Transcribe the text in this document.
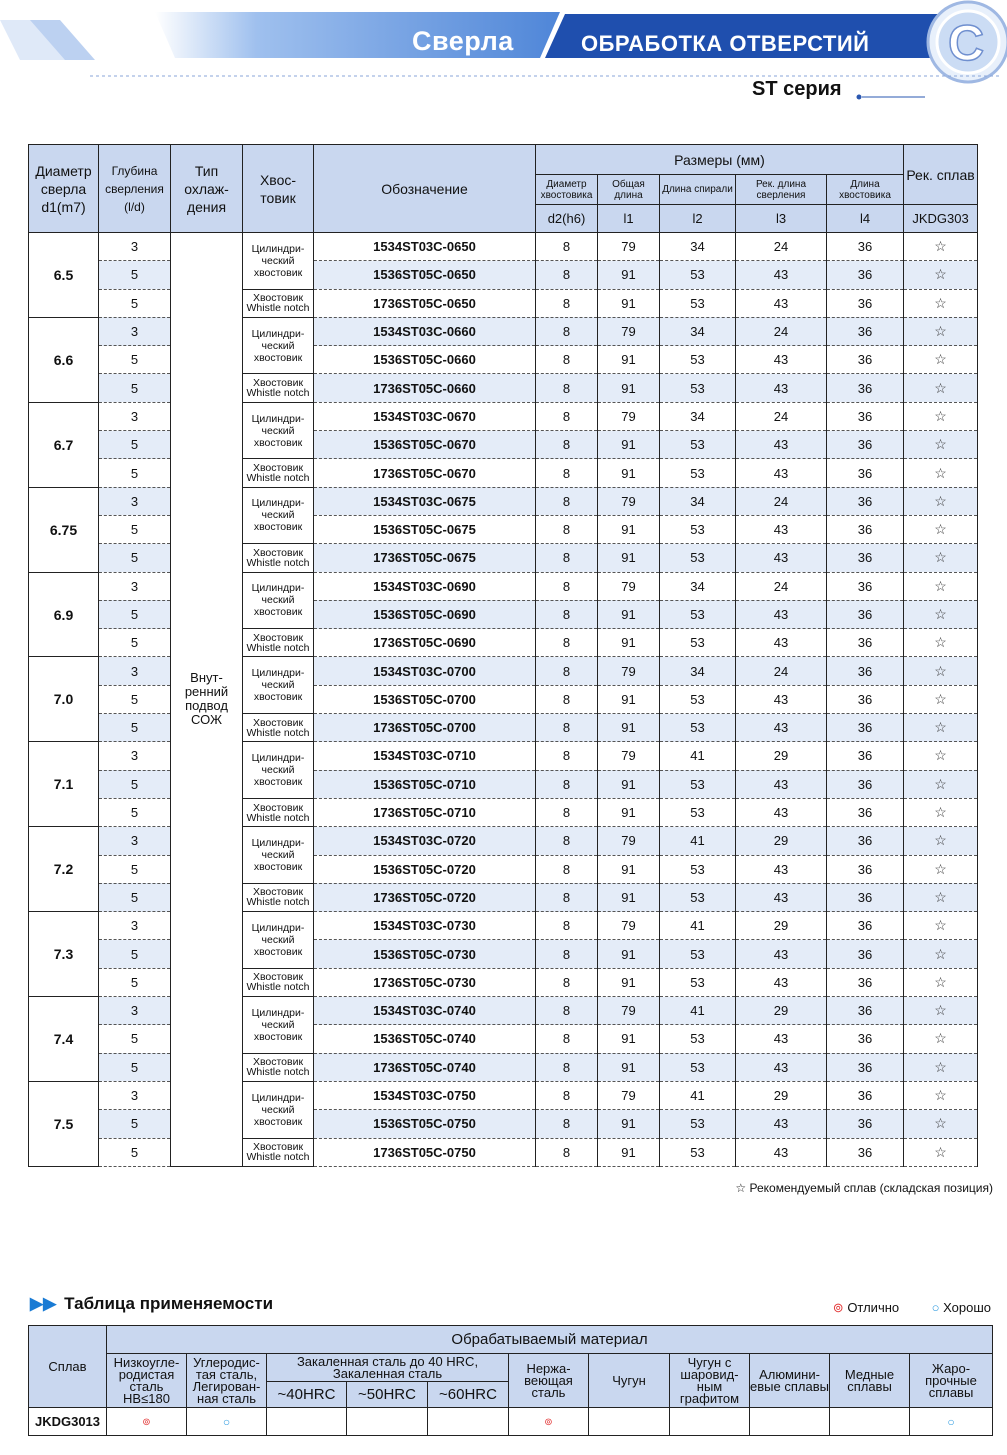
C
Сверла	ОБРАБОТКА ОТВЕРСТИЙ
ST серия
Диаметр сверла d1(m7)	Глубина сверления (l/d)	Тип охлаж-дения	Хвос-товик	Обозначение	Размеры (мм)					Рек. сплав
					Диаметр хвостовика	Общая длина	Длина спирали	Рек. длина сверления	Длина хвостовика	
					d2(h6)	l1	l2	l3	l4	JKDG303
6.5	3	Внут-ренний подвод СОЖ	Цилиндри-ческий хвостовик	1534ST03C-0650	8	79	34	24	36	☆
	5			1536ST05C-0650	8	91	53	43	36	☆
	5		Хвостовик Whistle notch	1736ST05C-0650	8	91	53	43	36	☆
6.6	3		Цилиндри-ческий хвостовик	1534ST03C-0660	8	79	34	24	36	☆
	5			1536ST05C-0660	8	91	53	43	36	☆
	5		Хвостовик Whistle notch	1736ST05C-0660	8	91	53	43	36	☆
6.7	3		Цилиндри-ческий хвостовик	1534ST03C-0670	8	79	34	24	36	☆
	5			1536ST05C-0670	8	91	53	43	36	☆
	5		Хвостовик Whistle notch	1736ST05C-0670	8	91	53	43	36	☆
6.75	3		Цилиндри-ческий хвостовик	1534ST03C-0675	8	79	34	24	36	☆
	5			1536ST05C-0675	8	91	53	43	36	☆
	5		Хвостовик Whistle notch	1736ST05C-0675	8	91	53	43	36	☆
6.9	3		Цилиндри-ческий хвостовик	1534ST03C-0690	8	79	34	24	36	☆
	5			1536ST05C-0690	8	91	53	43	36	☆
	5		Хвостовик Whistle notch	1736ST05C-0690	8	91	53	43	36	☆
7.0	3		Цилиндри-ческий хвостовик	1534ST03C-0700	8	79	34	24	36	☆
	5			1536ST05C-0700	8	91	53	43	36	☆
	5		Хвостовик Whistle notch	1736ST05C-0700	8	91	53	43	36	☆
7.1	3		Цилиндри-ческий хвостовик	1534ST03C-0710	8	79	41	29	36	☆
	5			1536ST05C-0710	8	91	53	43	36	☆
	5		Хвостовик Whistle notch	1736ST05C-0710	8	91	53	43	36	☆
7.2	3		Цилиндри-ческий хвостовик	1534ST03C-0720	8	79	41	29	36	☆
	5			1536ST05C-0720	8	91	53	43	36	☆
	5		Хвостовик Whistle notch	1736ST05C-0720	8	91	53	43	36	☆
7.3	3		Цилиндри-ческий хвостовик	1534ST03C-0730	8	79	41	29	36	☆
	5			1536ST05C-0730	8	91	53	43	36	☆
	5		Хвостовик Whistle notch	1736ST05C-0730	8	91	53	43	36	☆
7.4	3		Цилиндри-ческий хвостовик	1534ST03C-0740	8	79	41	29	36	☆
	5			1536ST05C-0740	8	91	53	43	36	☆
	5		Хвостовик Whistle notch	1736ST05C-0740	8	91	53	43	36	☆
7.5	3		Цилиндри-ческий хвостовик	1534ST03C-0750	8	79	41	29	36	☆
	5			1536ST05C-0750	8	91	53	43	36	☆
	5		Хвостовик Whistle notch	1736ST05C-0750	8	91	53	43	36	☆
☆ Рекомендуемый сплав (складская позиция)
▶▶ Таблица применяемости	⊚ Отлично	○ Хорошо
Сплав	Обрабатываемый материал										
	Низкоугле-родистая сталь HB≤180	Углеродис-тая сталь, Легирован-ная сталь	Закаленная сталь до 40 HRC, Закаленная сталь			Нержа-веющая сталь	Чугун	Чугун с шаровид-ным графитом	Алюмини-евые сплавы	Медные сплавы	Жаро-прочные сплавы
			~40HRC	~50HRC	~60HRC						
JKDG3013	⊚	○				⊚					○
